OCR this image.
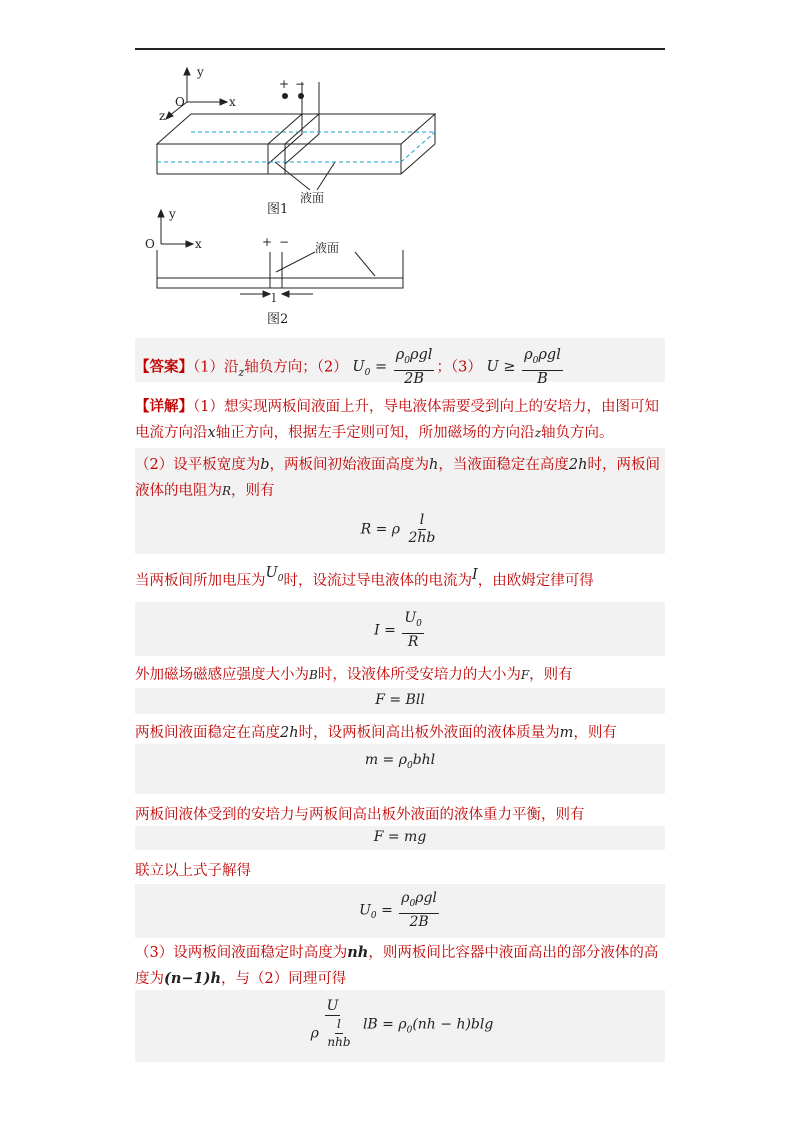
y
x
z
O
+ −
液面
图1
y
x
O	+ − 液面
l
图2
【答案】（1）沿$_z$轴负方向；（2） $U_0 = \frac{\rho_0\rho gl}{2B}$ ；（3） $U \ge \frac{\rho_0\rho gl}{B}$
【详解】（1）想实现两板间液面上升，导电液体需要受到向上的安培力，由图可知电流方向沿x轴正方向，根据左手定则可知，所加磁场的方向沿z轴负方向。
（2）设平板宽度为b，两板间初始液面高度为h，当液面稳定在高度2h时，两板间液体的电阻为R，则有
R = ρ $\frac{l}{2hb}$
当两板间所加电压为$U_0$时，设流过导电液体的电流为I，由欧姆定律可得
$I = \frac{U_0}{R}$
外加磁场磁感应强度大小为B时，设液体所受安培力的大小为F，则有
F = Bll
两板间液面稳定在高度2h时，设两板间高出板外液面的液体质量为m，则有
$m = \rho_0bhl$
两板间液体受到的安培力与两板间高出板外液面的液体重力平衡，则有
F = mg
联立以上式子解得
$U_0 = \frac{\rho_0\rho gl}{2B}$
（3）设两板间液面稳定时高度为nh，则两板间比容器中液面高出的部分液体的高度为(n−1)h，与（2）同理可得
$\frac{U}{\rho \frac{l}{\text{nhb}}}$ lB = $\rho_0(nh - h)blg$
